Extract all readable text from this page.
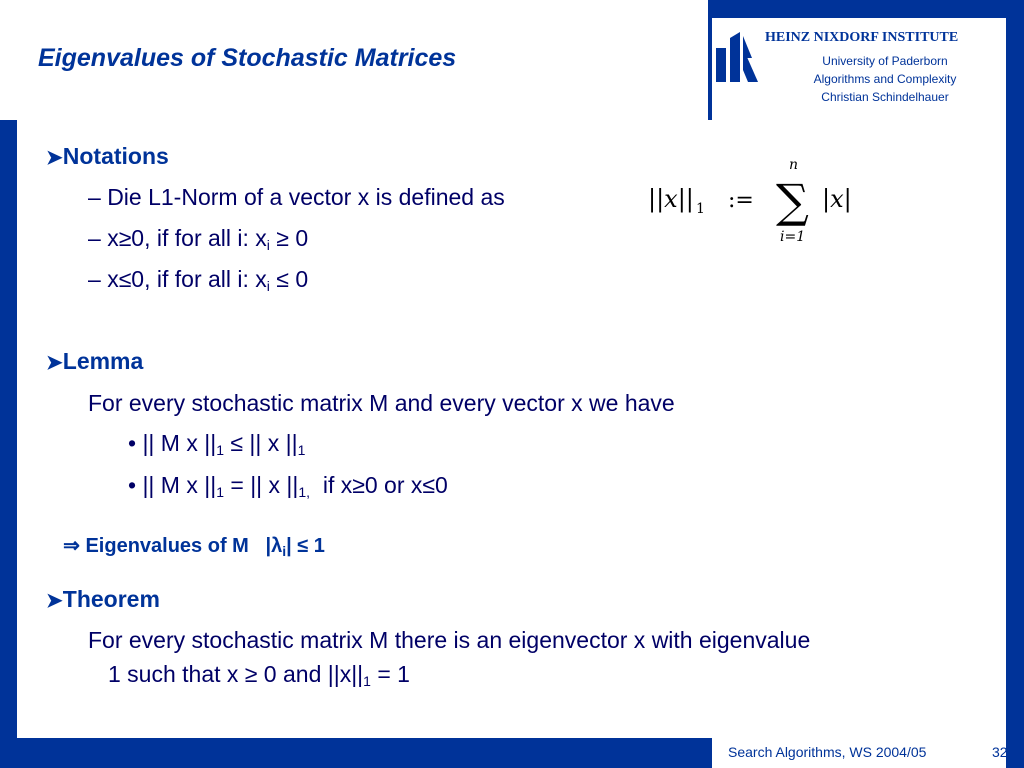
Eigenvalues of Stochastic Matrices
HEINZ NIXDORF INSTITUTE
University of Paderborn
Algorithms and Complexity
Christian Schindelhauer
➤Notations
– Die L1-Norm of a vector x is defined as
– x≥0, if for all i: $x_i \ge 0$
– x≤0, if for all i: $x_i \le 0$
||x|| 1 :=
n
∑
i=1
|x|
➤Lemma
For every stochastic matrix M and every vector x we have
• || M x $||_1$ ≤ || x $||_1$
• || M x $||_1$ = || x $||_{1,}$  if x≥0 or x≤0

⇒ Eigenvalues of M   $|\lambda_i| \le 1$

➤Theorem
For every stochastic matrix M there is an eigenvector x with eigenvalue
1 such that x ≥ 0 and $||x||_1 = 1$
Search Algorithms, WS 2004/05	32
